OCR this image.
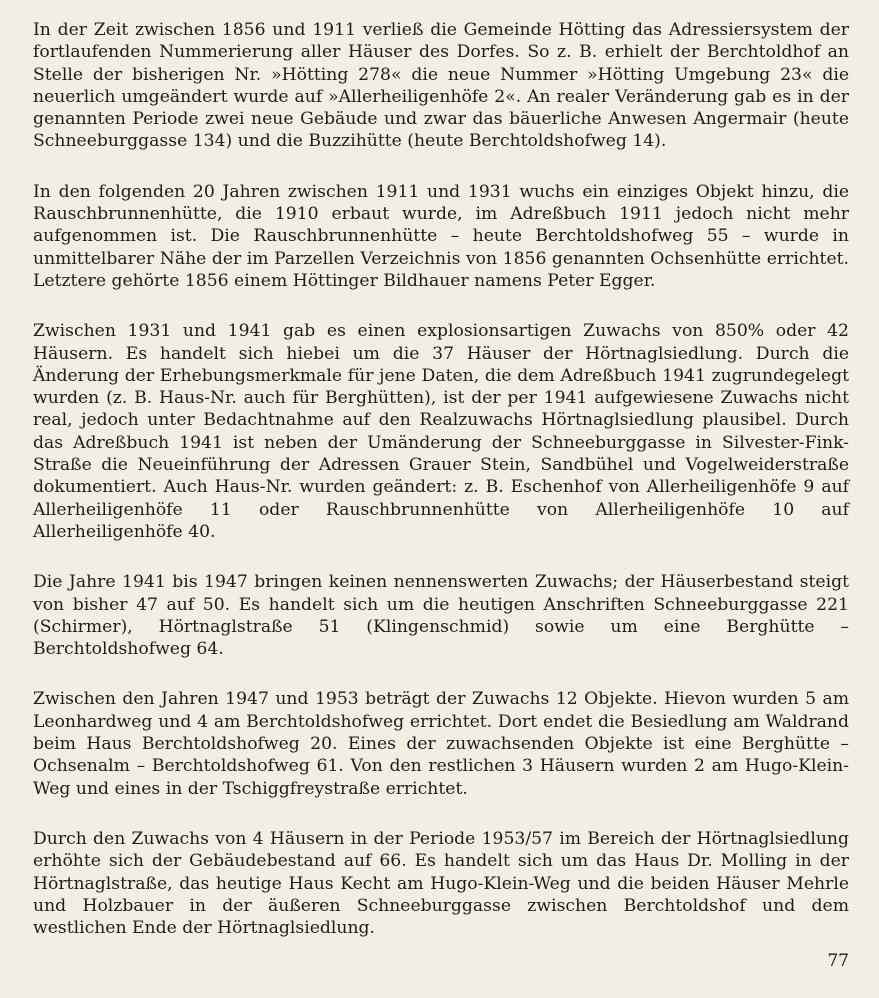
In der Zeit zwischen 1856 und 1911 verließ die Gemeinde Hötting das Adressiersystem der fortlaufenden Nummerierung aller Häuser des Dorfes. So z. B. erhielt der Berchtoldhof an Stelle der bisherigen Nr. »Hötting 278« die neue Nummer »Hötting Umgebung 23« die neuerlich umgeändert wurde auf »Allerheiligenhöfe 2«. An realer Veränderung gab es in der genannten Periode zwei neue Gebäude und zwar das bäuerliche Anwesen Angermair (heute Schneeburggasse 134) und die Buzzihütte (heute Berchtoldshofweg 14).

In den folgenden 20 Jahren zwischen 1911 und 1931 wuchs ein einziges Objekt hinzu, die Rauschbrunnenhütte, die 1910 erbaut wurde, im Adreßbuch 1911 jedoch nicht mehr aufgenommen ist. Die Rauschbrunnenhütte – heute Berchtoldshofweg 55 – wurde in unmittelbarer Nähe der im Parzellen Verzeichnis von 1856 genannten Ochsenhütte errichtet. Letztere gehörte 1856 einem Höttinger Bildhauer namens Peter Egger.

Zwischen 1931 und 1941 gab es einen explosionsartigen Zuwachs von 850% oder 42 Häusern. Es handelt sich hiebei um die 37 Häuser der Hörtnaglsiedlung. Durch die Änderung der Erhebungsmerkmale für jene Daten, die dem Adreßbuch 1941 zugrundegelegt wurden (z. B. Haus-Nr. auch für Berghütten), ist der per 1941 aufgewiesene Zuwachs nicht real, jedoch unter Bedachtnahme auf den Realzuwachs Hörtnaglsiedlung plausibel. Durch das Adreßbuch 1941 ist neben der Umänderung der Schneeburggasse in Silvester-Fink-Straße die Neueinführung der Adressen Grauer Stein, Sandbühel und Vogelweiderstraße dokumentiert. Auch Haus-Nr. wurden geändert: z. B. Eschenhof von Allerheiligenhöfe 9 auf Allerheiligenhöfe 11 oder Rauschbrunnenhütte von Allerheiligenhöfe 10 auf Allerheiligenhöfe 40.

Die Jahre 1941 bis 1947 bringen keinen nennenswerten Zuwachs; der Häuserbestand steigt von bisher 47 auf 50. Es handelt sich um die heutigen Anschriften Schneeburggasse 221 (Schirmer), Hörtnaglstraße 51 (Klingenschmid) sowie um eine Berghütte – Berchtoldshofweg 64.

Zwischen den Jahren 1947 und 1953 beträgt der Zuwachs 12 Objekte. Hievon wurden 5 am Leonhardweg und 4 am Berchtoldshofweg errichtet. Dort endet die Besiedlung am Waldrand beim Haus Berchtoldshofweg 20. Eines der zuwachsenden Objekte ist eine Berghütte – Ochsenalm – Berchtoldshofweg 61. Von den restlichen 3 Häusern wurden 2 am Hugo-Klein-Weg und eines in der Tschiggfreystraße errichtet.

Durch den Zuwachs von 4 Häusern in der Periode 1953/57 im Bereich der Hörtnaglsiedlung erhöhte sich der Gebäudebestand auf 66. Es handelt sich um das Haus Dr. Molling in der Hörtnaglstraße, das heutige Haus Kecht am Hugo-Klein-Weg und die beiden Häuser Mehrle und Holzbauer in der äußeren Schneeburggasse zwischen Berchtoldshof und dem westlichen Ende der Hörtnaglsiedlung.

77
